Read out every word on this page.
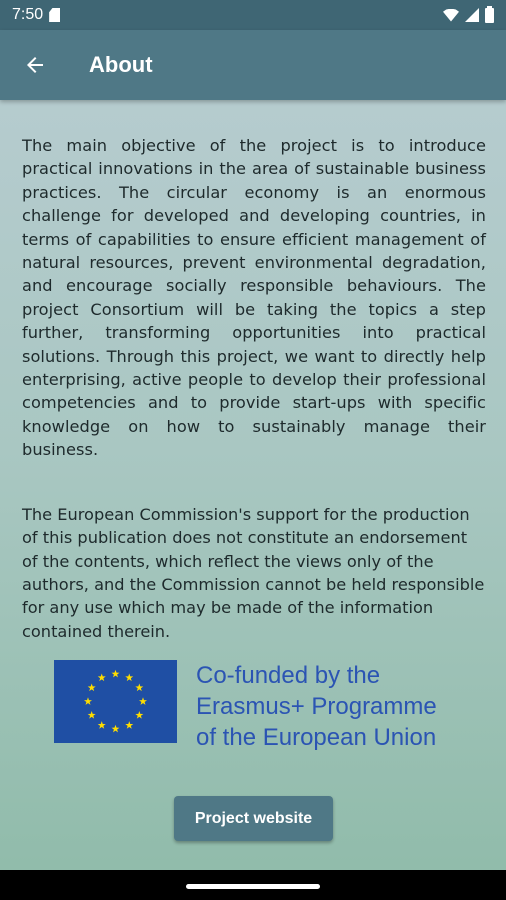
7:50
About

The main objective of the project is to introduce practical innovations in the area of sustainable business practices. The circular economy is an enormous challenge for developed and developing countries, in terms of capabilities to ensure efficient management of natural resources, prevent environmental degradation, and encourage socially responsible behaviours. The project Consortium will be taking the topics a step further, transforming opportunities into practical solutions. Through this project, we want to directly help enterprising, active people to develop their professional competencies and to provide start-ups with specific knowledge on how to sustainably manage their business.

The European Commission's support for the production of this publication does not constitute an endorsement of the contents, which reflect the views only of the authors, and the Commission cannot be held responsible for any use which may be made of the information contained therein.

Co-funded by the
Erasmus+ Programme
of the European Union
Project website
